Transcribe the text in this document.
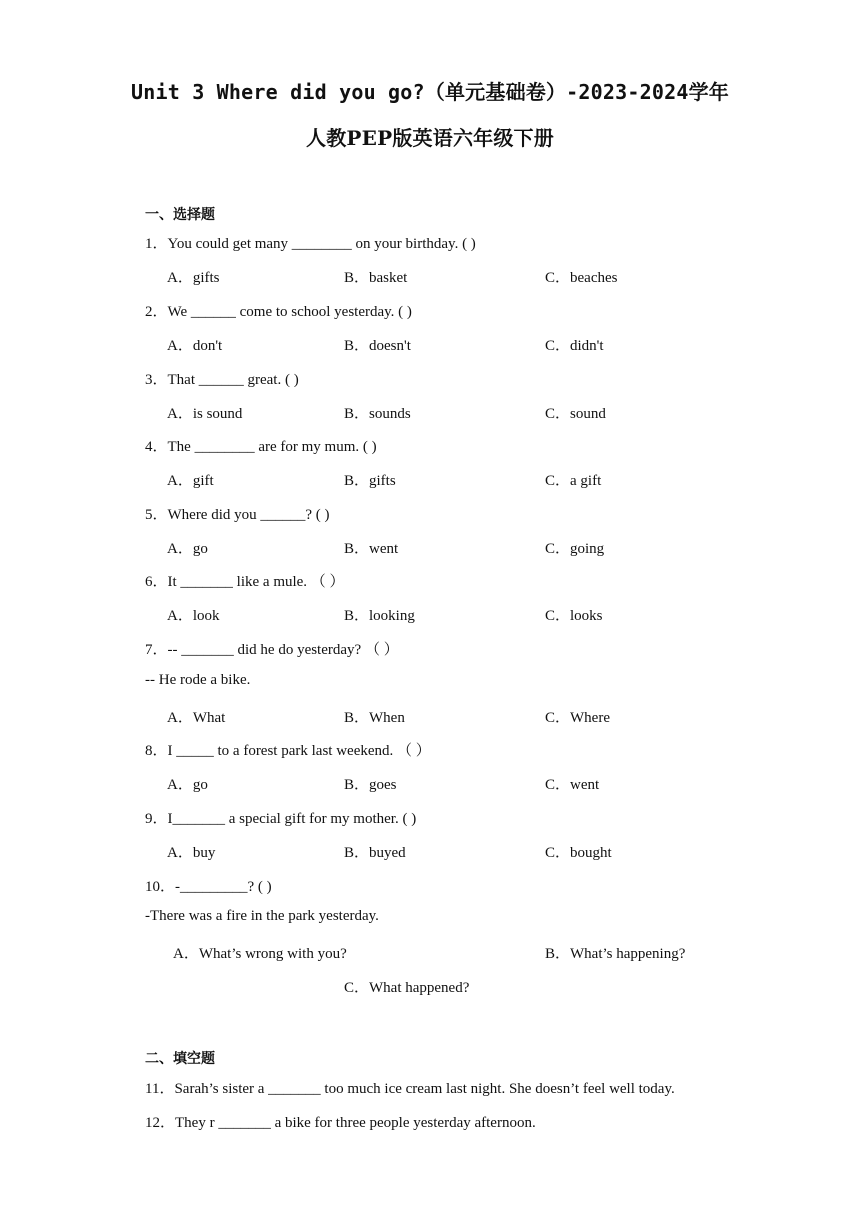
Unit 3 Where did you go?（单元基础卷）-2023-2024学年
人教PEP版英语六年级下册
一、选择题
1．You could get many ________ on your birthday. ( )
A．gifts	B．basket	C．beaches
2．We ______ come to school yesterday. ( )
A．don't	B．doesn't	C．didn't
3．That ______ great. ( )
A．is sound	B．sounds	C．sound
4．The ________ are for my mum. ( )
A．gift	B．gifts	C．a gift
5．Where did you ______? ( )
A．go	B．went	C．going
6．It _______ like a mule. （ ）
A．look	B．looking	C．looks
7．-- _______ did he do yesterday? （ ）
-- He rode a bike.
A．What	B．When	C．Where
8．I _____ to a forest park last weekend. （ ）
A．go	B．goes	C．went
9．I_______ a special gift for my mother. ( )
A．buy	B．buyed	C．bought
10．-_________? ( )
-There was a fire in the park yesterday.
A．What’s wrong with you?	B．What’s happening?
C．What happened?
二、填空题
11．Sarah’s sister a _______ too much ice cream last night. She doesn’t feel well today.
12．They r _______ a bike for three people yesterday afternoon.
